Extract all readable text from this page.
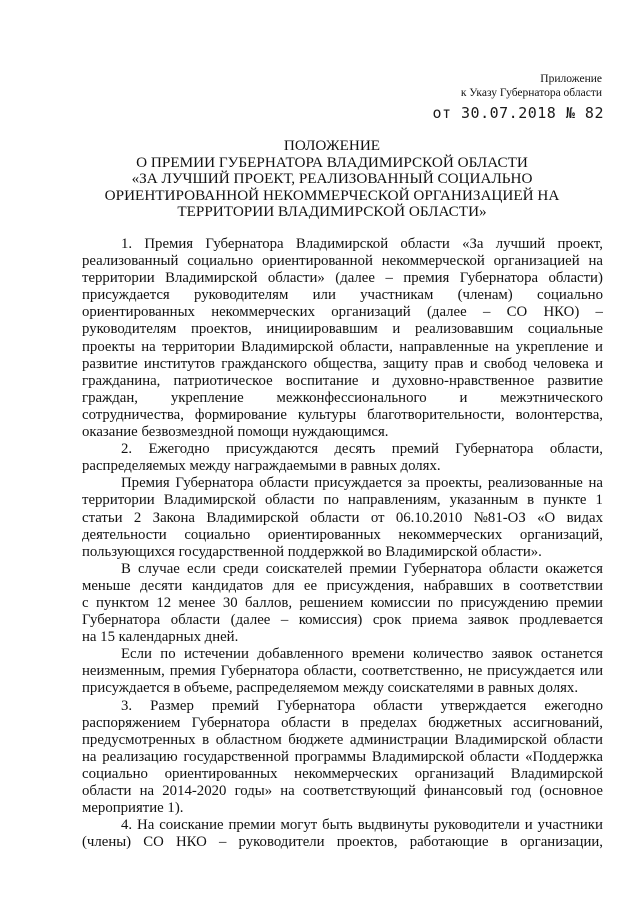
Приложение
к Указу Губернатора области
от 30.07.2018 № 82
ПОЛОЖЕНИЕ
О ПРЕМИИ ГУБЕРНАТОРА ВЛАДИМИРСКОЙ ОБЛАСТИ
«ЗА ЛУЧШИЙ ПРОЕКТ, РЕАЛИЗОВАННЫЙ СОЦИАЛЬНО
ОРИЕНТИРОВАННОЙ НЕКОММЕРЧЕСКОЙ ОРГАНИЗАЦИЕЙ НА
ТЕРРИТОРИИ ВЛАДИМИРСКОЙ ОБЛАСТИ»
1. Премия Губернатора Владимирской области «За лучший проект,
реализованный социально ориентированной некоммерческой организацией на
территории Владимирской области» (далее – премия Губернатора области)
присуждается руководителям или участникам (членам) социально
ориентированных некоммерческих организаций (далее – СО НКО) –
руководителям проектов, инициировавшим и реализовавшим социальные
проекты на территории Владимирской области, направленные на укрепление и
развитие институтов гражданского общества, защиту прав и свобод человека и
гражданина, патриотическое воспитание и духовно-нравственное развитие
граждан, укрепление межконфессионального и межэтнического
сотрудничества, формирование культуры благотворительности, волонтерства,
оказание безвозмездной помощи нуждающимся.
2. Ежегодно присуждаются десять премий Губернатора области,
распределяемых между награждаемыми в равных долях.
Премия Губернатора области присуждается за проекты, реализованные на
территории Владимирской области по направлениям, указанным в пункте 1
статьи 2 Закона Владимирской области от 06.10.2010 №81-ОЗ «О видах
деятельности социально ориентированных некоммерческих организаций,
пользующихся государственной поддержкой во Владимирской области».
В случае если среди соискателей премии Губернатора области окажется
меньше десяти кандидатов для ее присуждения, набравших в соответствии
с пунктом 12 менее 30 баллов, решением комиссии по присуждению премии
Губернатора области (далее – комиссия) срок приема заявок продлевается
на 15 календарных дней.
Если по истечении добавленного времени количество заявок останется
неизменным, премия Губернатора области, соответственно, не присуждается или
присуждается в объеме, распределяемом между соискателями в равных долях.
3. Размер премий Губернатора области утверждается ежегодно
распоряжением Губернатора области в пределах бюджетных ассигнований,
предусмотренных в областном бюджете администрации Владимирской области
на реализацию государственной программы Владимирской области «Поддержка
социально ориентированных некоммерческих организаций Владимирской
области на 2014-2020 годы» на соответствующий финансовый год (основное
мероприятие 1).
4. На соискание премии могут быть выдвинуты руководители и участники
(члены) СО НКО – руководители проектов, работающие в организации,
